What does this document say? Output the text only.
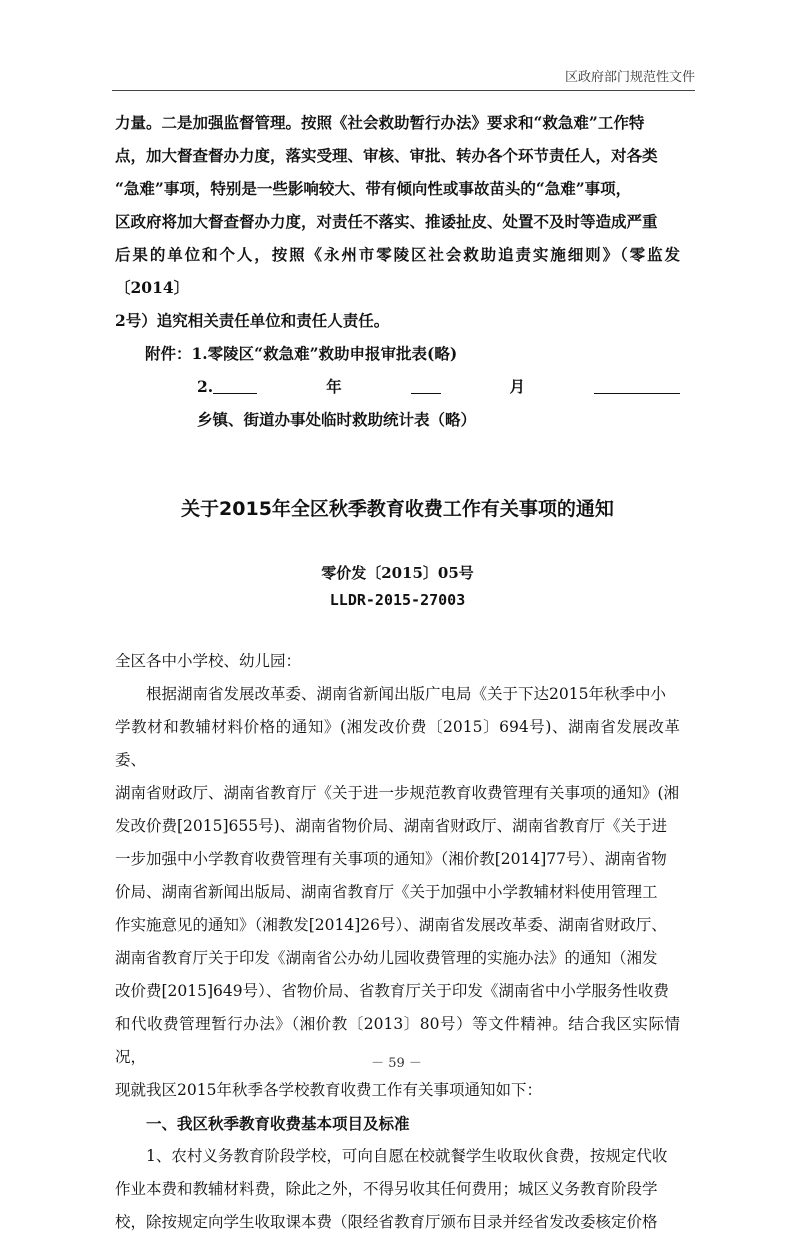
区政府部门规范性文件

力量。二是加强监督管理。按照《社会救助暂行办法》要求和“救急难”工作特

点，加大督查督办力度，落实受理、审核、审批、转办各个环节责任人，对各类

“急难”事项，特别是一些影响较大、带有倾向性或事故苗头的“急难”事项，

区政府将加大督查督办力度，对责任不落实、推诿扯皮、处置不及时等造成严重

后果的单位和个人，按照《永州市零陵区社会救助追责实施细则》（零监发〔2014〕

2号）追究相关责任单位和责任人责任。

附件：1.零陵区“救急难”救助申报审批表(略)

2.	年 月乡镇、街道办事处临时救助统计表（略）

关于2015年全区秋季教育收费工作有关事项的通知
零价发〔2015〕05号
LLDR-2015-27003

全区各中小学校、幼儿园：

根据湖南省发展改革委、湖南省新闻出版广电局《关于下达2015年秋季中小

学教材和教辅材料价格的通知》(湘发改价费〔2015〕694号)、湖南省发展改革委、

湖南省财政厅、湖南省教育厅《关于进一步规范教育收费管理有关事项的通知》(湘

发改价费[2015]655号)、湖南省物价局、湖南省财政厅、湖南省教育厅《关于进

一步加强中小学教育收费管理有关事项的通知》（湘价教[2014]77号）、湖南省物

价局、湖南省新闻出版局、湖南省教育厅《关于加强中小学教辅材料使用管理工

作实施意见的通知》（湘教发[2014]26号）、湖南省发展改革委、湖南省财政厅、

湖南省教育厅关于印发《湖南省公办幼儿园收费管理的实施办法》的通知（湘发

改价费[2015]649号）、省物价局、省教育厅关于印发《湖南省中小学服务性收费

和代收费管理暂行办法》（湘价教〔2013〕80号）等文件精神。结合我区实际情况，

现就我区2015年秋季各学校教育收费工作有关事项通知如下：

一、我区秋季教育收费基本项目及标准

1、农村义务教育阶段学校，可向自愿在校就餐学生收取伙食费，按规定代收

作业本费和教辅材料费，除此之外，不得另收其任何费用；城区义务教育阶段学

校，除按规定向学生收取课本费（限经省教育厅颁布目录并经省发改委核定价格

－ 59 －
